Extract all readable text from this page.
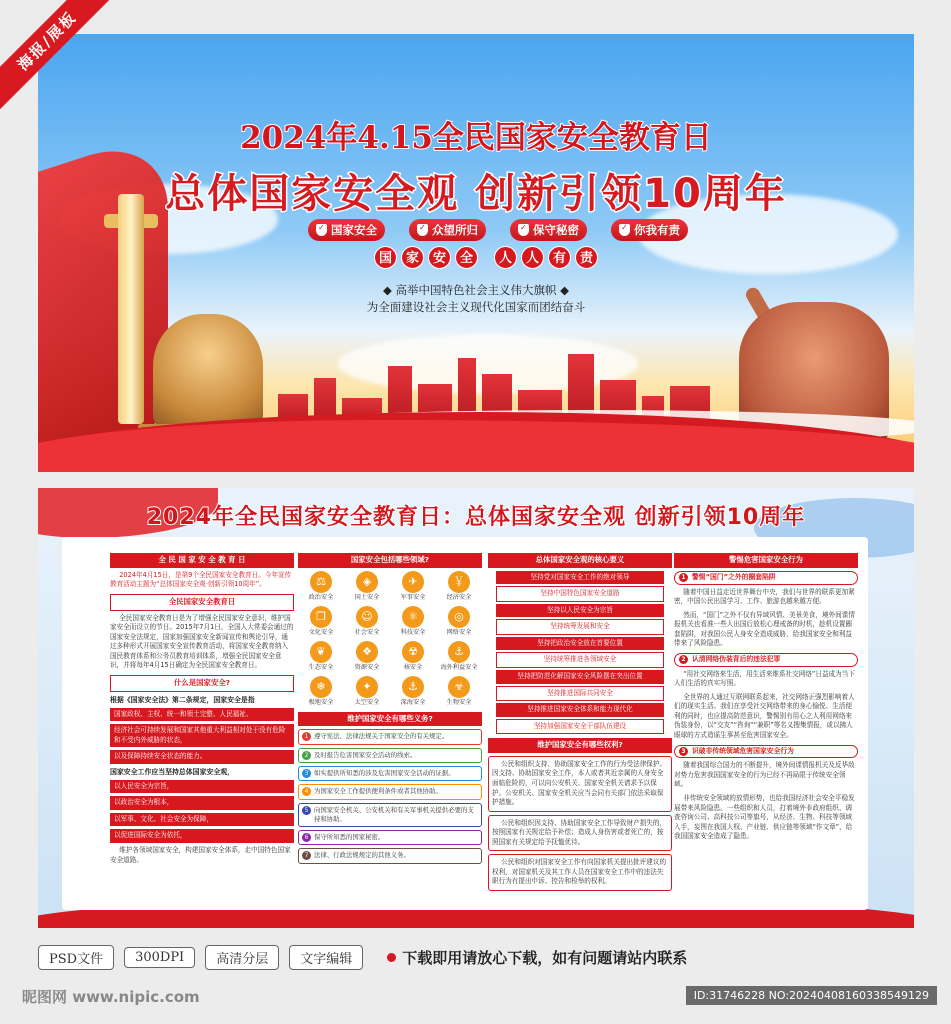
海报/展板
2024年4.15全民国家安全教育日
总体国家安全观 创新引领10周年
✓
国家安全 ✓	众望所归 ✓	保守秘密 ✓	你我有责
国	家	安	全	人	人	有	责
◆ 高举中国特色社会主义伟大旗帜 ◆
为全面建设社会主义现代化国家而团结奋斗
2024年全民国家安全教育日：总体国家安全观 创新引领10周年
全 民 国 家 安 全 教 育 日
2024年4月15日，是第9个全民国家安全教育日。今年宣传教育活动主题为“总体国家安全观·创新引领10周年”。
全民国家安全教育日
全民国家安全教育日是为了增强全民国家安全意识，维护国家安全而设立的节日。2015年7月1日，全国人大常委会通过的国家安全法规定，国家加强国家安全新闻宣传和舆论引导，通过多种形式开展国家安全宣传教育活动，将国家安全教育纳入国民教育体系和公务员教育培训体系，增强全民国家安全意识，并将每年4月15日确定为全民国家安全教育日。
什么是国家安全?
根据《国家安全法》第二条规定，国家安全是指
国家政权、主权、统一和领土完整、人民福祉、
经济社会可持续发展和国家其他重大利益相对处于没有危险和不受内外威胁的状态，
以及保障持续安全状态的能力。
国家安全工作应当坚持总体国家安全观，
以人民安全为宗旨，
以政治安全为根本，
以军事、文化、社会安全为保障，
以促进国际安全为依托，
维护各领域国家安全，构建国家安全体系，走中国特色国家安全道路。
国家安全包括哪些领域?
⚖
政治安全
◈
国土安全
✈
军事安全
￥
经济安全
❐
文化安全
☺
社会安全
⚛
科技安全
◎
网络安全
❦
生态安全
❖
资源安全
☢
核安全
⚓
海外利益安全
❄
极地安全
✦
太空安全
⚓
深海安全
☣
生物安全
维护国家安全有哪些义务?
1 遵守宪法、法律法规关于国家安全的有关规定。
2 及时报告危害国家安全活动的线索。
3 如实提供所知悉的涉及危害国家安全活动的证据。
4 为国家安全工作提供便利条件或者其他协助。
5 向国家安全机关、公安机关和有关军事机关提供必要的支持和协助。
6 保守所知悉的国家秘密。
7 法律、行政法规规定的其他义务。
总体国家安全观的核心要义
坚持党对国家安全工作的绝对领导
坚持中国特色国家安全道路
坚持以人民安全为宗旨
坚持统筹发展和安全
坚持把政治安全放在首要位置
坚持统筹推进各领域安全
坚持把防范化解国家安全风险摆在突出位置
坚持推进国际共同安全
坚持推进国家安全体系和能力现代化
坚持加强国家安全干部队伍建设
维护国家安全有哪些权利?
公民和组织支持、协助国家安全工作的行为受法律保护。因支持、协助国家安全工作，本人或者其近亲属的人身安全面临危险的，可以向公安机关、国家安全机关请求予以保护。公安机关、国家安全机关应当会同有关部门依法采取保护措施。
公民和组织因支持、协助国家安全工作导致财产损失的，按照国家有关规定给予补偿；造成人身伤害或者死亡的，按照国家有关规定给予抚恤优待。
公民和组织对国家安全工作有向国家机关提出批评建议的权利，对国家机关及其工作人员在国家安全工作中的违法失职行为有提出申诉、控告和检举的权利。
警惕危害国家安全行为
1 警惕“国门”之外的圈套陷阱
随着中国日益走近世界舞台中央，我们与世界的联系更加紧密，中国公民出国学习、工作、旅游也越来越方便。
然而，“国门”之外不仅有异域风情、美景美食，境外间谍情报机关也看准一些人出国后放松心理戒备的时机，趁机设置圈套陷阱，对我国公民人身安全造成威胁，给我国家安全和利益带来了风险隐患。
2 认清网络伪装背后的违法犯罪
“用社交网络来生活，用生活来维系社交网络”日益成为当下人们生活的真实写照。
全世界的人通过互联网联系起来，社交网络正强烈影响着人们的现实生活。我们在享受社交网络带来的身心愉悦、生活便利的同时，也应提高防范意识，警惕别有用心之人利用网络来伪装身份，以“交友”“咨询”“兼职”等名义搜集情报，或以拂人眼球的方式造谣生事甚至危害国家安全。
3 识破非传统领域危害国家安全行为
随着我国综合国力的不断提升，境外间谍情报机关及反华敌对势力危害我国国家安全的行为已经不再局限于传统安全领域。
非传统安全领域的放情形势，也给我国经济社会安全平稳发展带来风险隐患。一些组织和人员，打着境外非政府组织、调查咨询公司、高科技公司等旗号，从经济、生物、科技等领域入手，妄图在我国人权、产业链、供应链等领域“作文章”，给我国国家安全造成了隐患。
PSD文件	300DPI	高清分层	文字编辑	下载即用请放心下载，如有问题请站内联系
昵图网 www.nipic.com	ID:31746228 NO:20240408160338549129
